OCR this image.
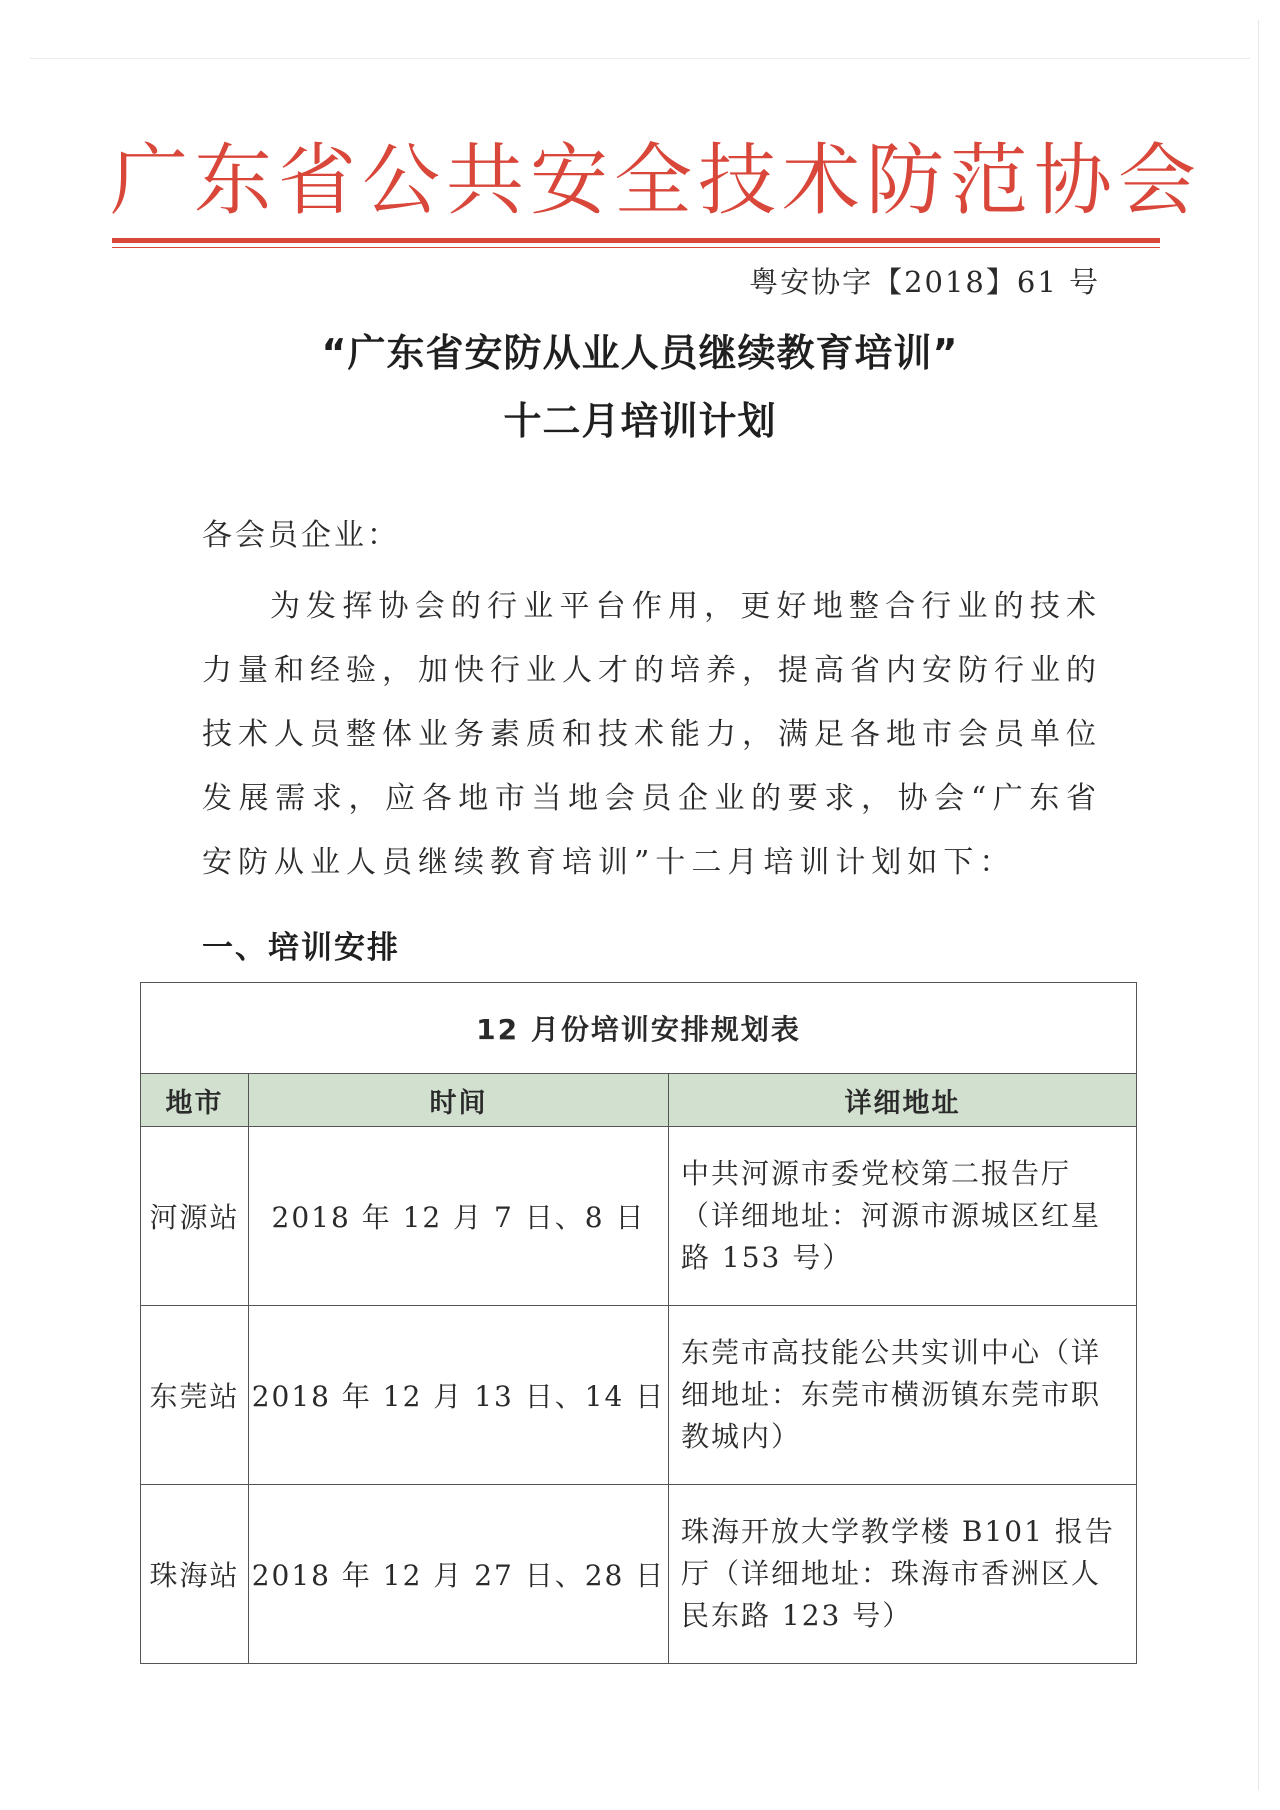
广东省公共安全技术防范协会
粤安协字【2018】61 号
“广东省安防从业人员继续教育培训”
十二月培训计划
各会员企业：
为发挥协会的行业平台作用，更好地整合行业的技术力量和经验，加快行业人才的培养，提高省内安防行业的技术人员整体业务素质和技术能力，满足各地市会员单位发展需求，应各地市当地会员企业的要求，协会“广东省安防从业人员继续教育培训”十二月培训计划如下：
一、培训安排
12 月份培训安排规划表		
地市	时间	详细地址
河源站	2018 年 12 月 7 日、8 日	中共河源市委党校第二报告厅（详细地址：河源市源城区红星路 153 号）
东莞站	2018 年 12 月 13 日、14 日	东莞市高技能公共实训中心（详细地址：东莞市横沥镇东莞市职教城内）
珠海站	2018 年 12 月 27 日、28 日	珠海开放大学教学楼 B101 报告厅（详细地址：珠海市香洲区人民东路 123 号）
